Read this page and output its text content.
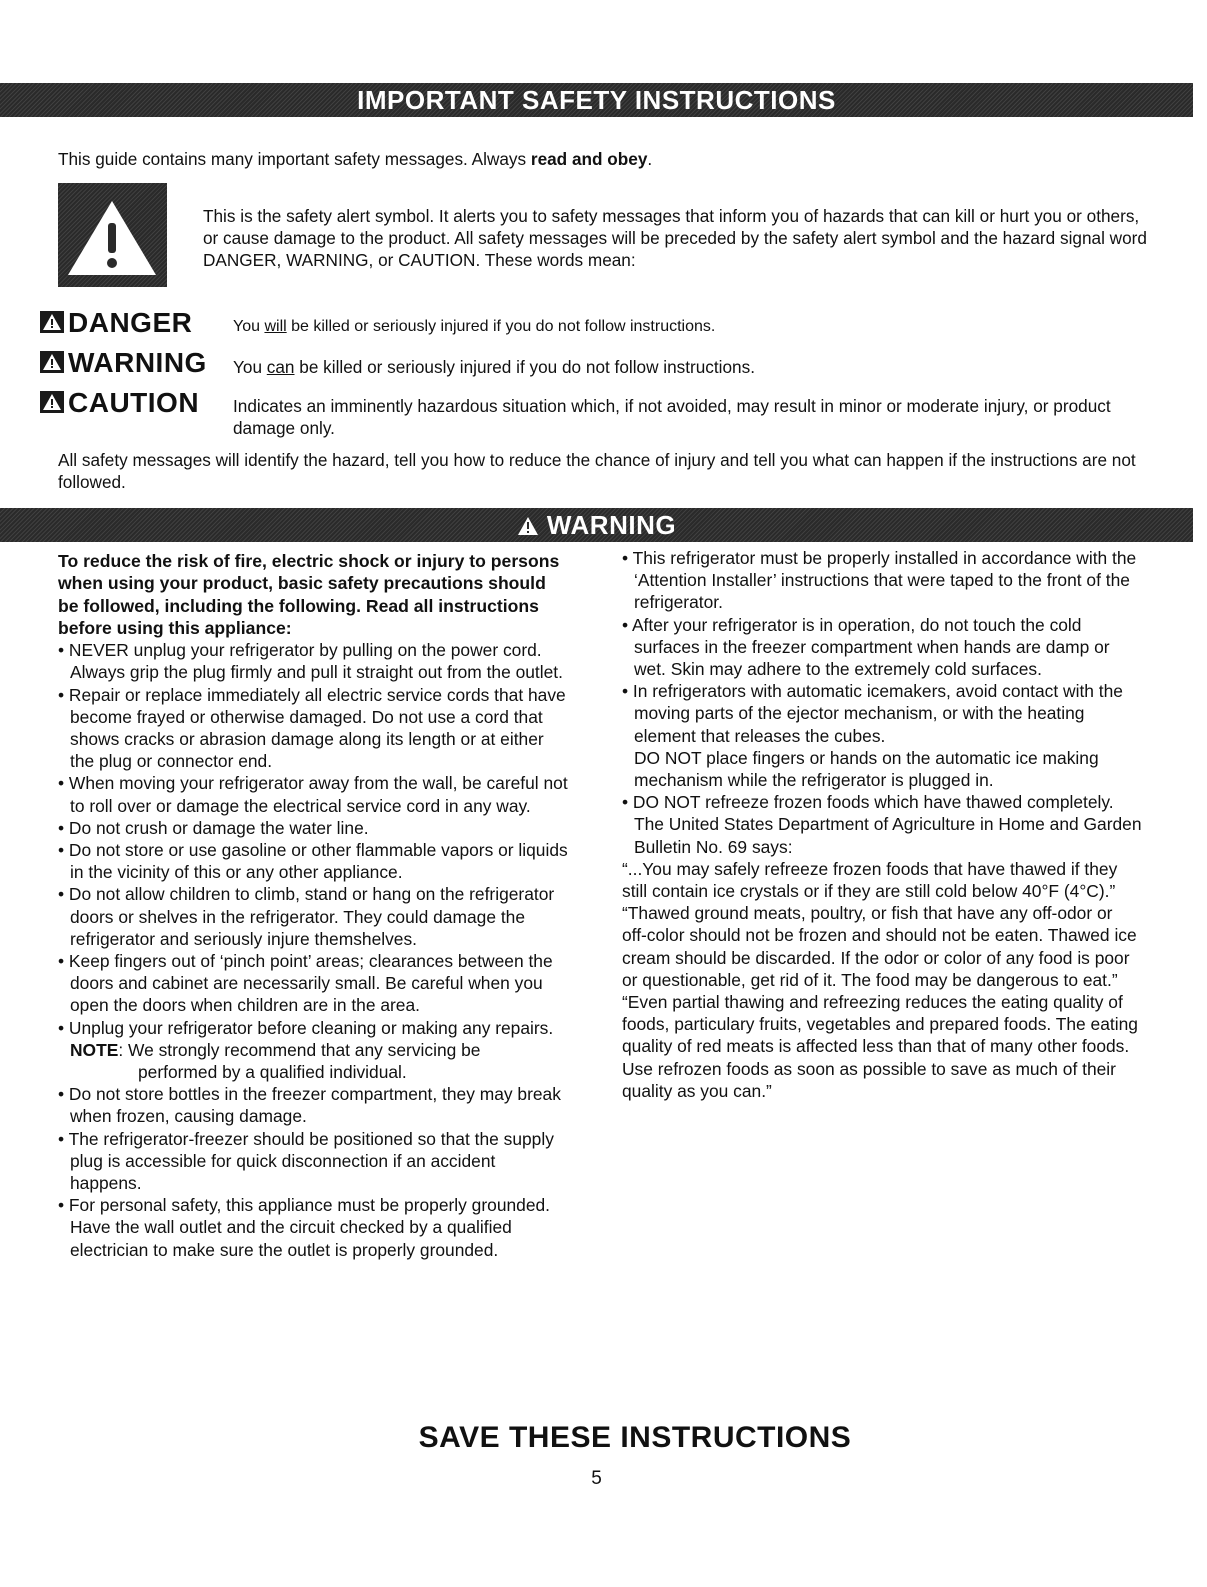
IMPORTANT SAFETY INSTRUCTIONS
This guide contains many important safety messages. Always read and obey.
This is the safety alert symbol. It alerts you to safety messages that inform you of hazards that can kill or hurt you or others, or cause damage to the product. All safety messages will be preceded by the safety alert symbol and the hazard signal word DANGER, WARNING, or CAUTION. These words mean:
DANGER	You will be killed or seriously injured if you do not follow instructions.
WARNING You can be killed or seriously injured if you do not follow instructions.
CAUTION Indicates an imminently hazardous situation which, if not avoided, may result in minor or moderate injury, or product damage only.
All safety messages will identify the hazard, tell you how to reduce the chance of injury and tell you what can happen if the instructions are not followed.
WARNING

To reduce the risk of fire, electric shock or injury to persons when using your product, basic safety precautions should be followed, including the following. Read all instructions before using this appliance:

• NEVER unplug your refrigerator by pulling on the power cord. Always grip the plug firmly and pull it straight out from the outlet.

• Repair or replace immediately all electric service cords that have become frayed or otherwise damaged. Do not use a cord that shows cracks or abrasion damage along its length or at either the plug or connector end.

• When moving your refrigerator away from the wall, be careful not to roll over or damage the electrical service cord in any way.

• Do not crush or damage the water line.

• Do not store or use gasoline or other flammable vapors or liquids in the vicinity of this or any other appliance.

• Do not allow children to climb, stand or hang on the refrigerator doors or shelves in the refrigerator. They could damage the refrigerator and seriously injure themshelves.

• Keep fingers out of ‘pinch point’ areas; clearances between the doors and cabinet are necessarily small. Be careful when you open the doors when children are in the area.

• Unplug your refrigerator before cleaning or making any repairs.

NOTE: We strongly recommend that any servicing be

performed by a qualified individual.

• Do not store bottles in the freezer compartment, they may break when frozen, causing damage.

• The refrigerator-freezer should be positioned so that the supply plug is accessible for quick disconnection if an accident happens.

• For personal safety, this appliance must be properly grounded. Have the wall outlet and the circuit checked by a qualified electrician to make sure the outlet is properly grounded.

• This refrigerator must be properly installed in accordance with the ‘Attention Installer’ instructions that were taped to the front of the refrigerator.

• After your refrigerator is in operation, do not touch the cold surfaces in the freezer compartment when hands are damp or wet. Skin may adhere to the extremely cold surfaces.

• In refrigerators with automatic icemakers, avoid contact with the moving parts of the ejector mechanism, or with the heating element that releases the cubes.

DO NOT place fingers or hands on the automatic ice making mechanism while the refrigerator is plugged in.

• DO NOT refreeze frozen foods which have thawed completely. The United States Department of Agriculture in Home and Garden Bulletin No. 69 says:

“...You may safely refreeze frozen foods that have thawed if they still contain ice crystals or if they are still cold below 40°F (4°C).”

“Thawed ground meats, poultry, or fish that have any off-odor or off-color should not be frozen and should not be eaten. Thawed ice cream should be discarded. If the odor or color of any food is poor or questionable, get rid of it. The food may be dangerous to eat.”

“Even partial thawing and refreezing reduces the eating quality of foods, particulary fruits, vegetables and prepared foods. The eating quality of red meats is affected less than that of many other foods. Use refrozen foods as soon as possible to save as much of their quality as you can.”

SAVE THESE INSTRUCTIONS
5
